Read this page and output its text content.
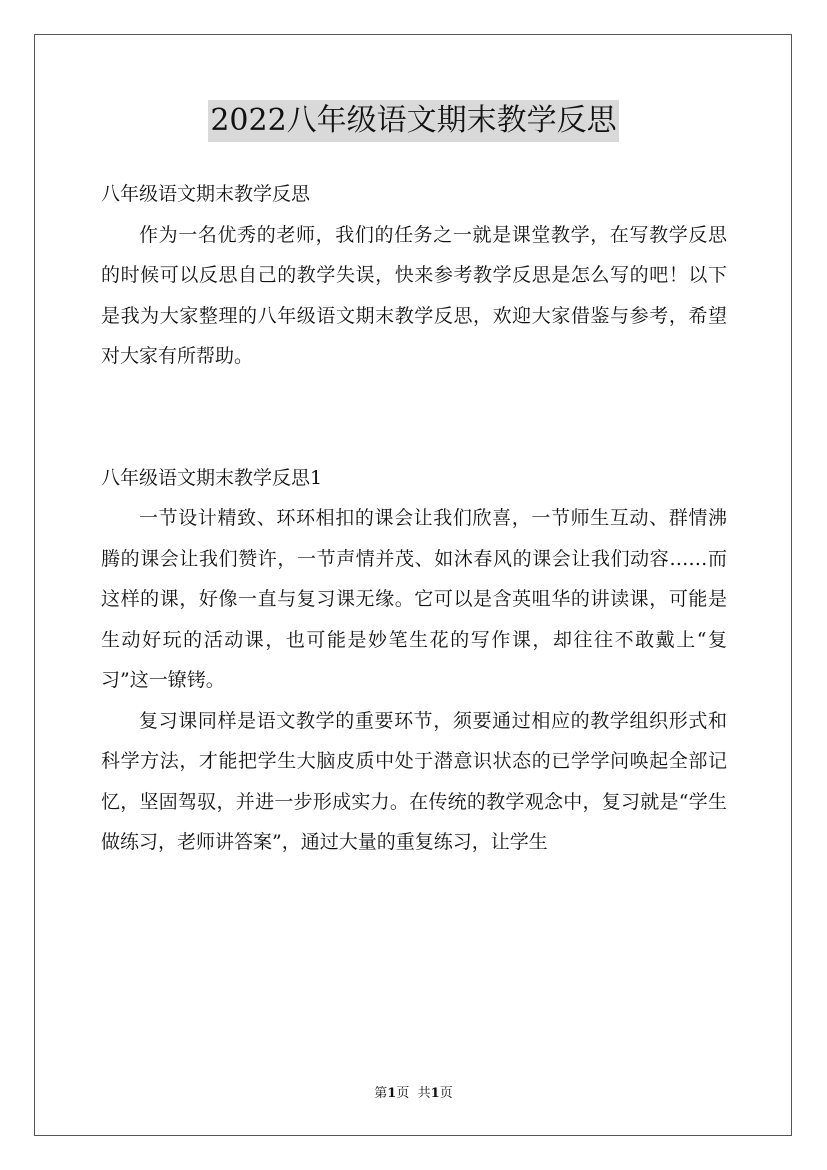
2022八年级语文期末教学反思

八年级语文期末教学反思

作为一名优秀的老师，我们的任务之一就是课堂教学，在写教学反思的时候可以反思自己的教学失误，快来参考教学反思是怎么写的吧！以下是我为大家整理的八年级语文期末教学反思，欢迎大家借鉴与参考，希望对大家有所帮助。

八年级语文期末教学反思1

一节设计精致、环环相扣的课会让我们欣喜，一节师生互动、群情沸腾的课会让我们赞许，一节声情并茂、如沐春风的课会让我们动容……而这样的课，好像一直与复习课无缘。它可以是含英咀华的讲读课，可能是生动好玩的活动课，也可能是妙笔生花的写作课，却往往不敢戴上“复习”这一镣铐。

复习课同样是语文教学的重要环节，须要通过相应的教学组织形式和科学方法，才能把学生大脑皮质中处于潜意识状态的已学学问唤起全部记忆，坚固驾驭，并进一步形成实力。在传统的教学观念中，复习就是“学生做练习，老师讲答案”，通过大量的重复练习，让学生

第1页 共1页
